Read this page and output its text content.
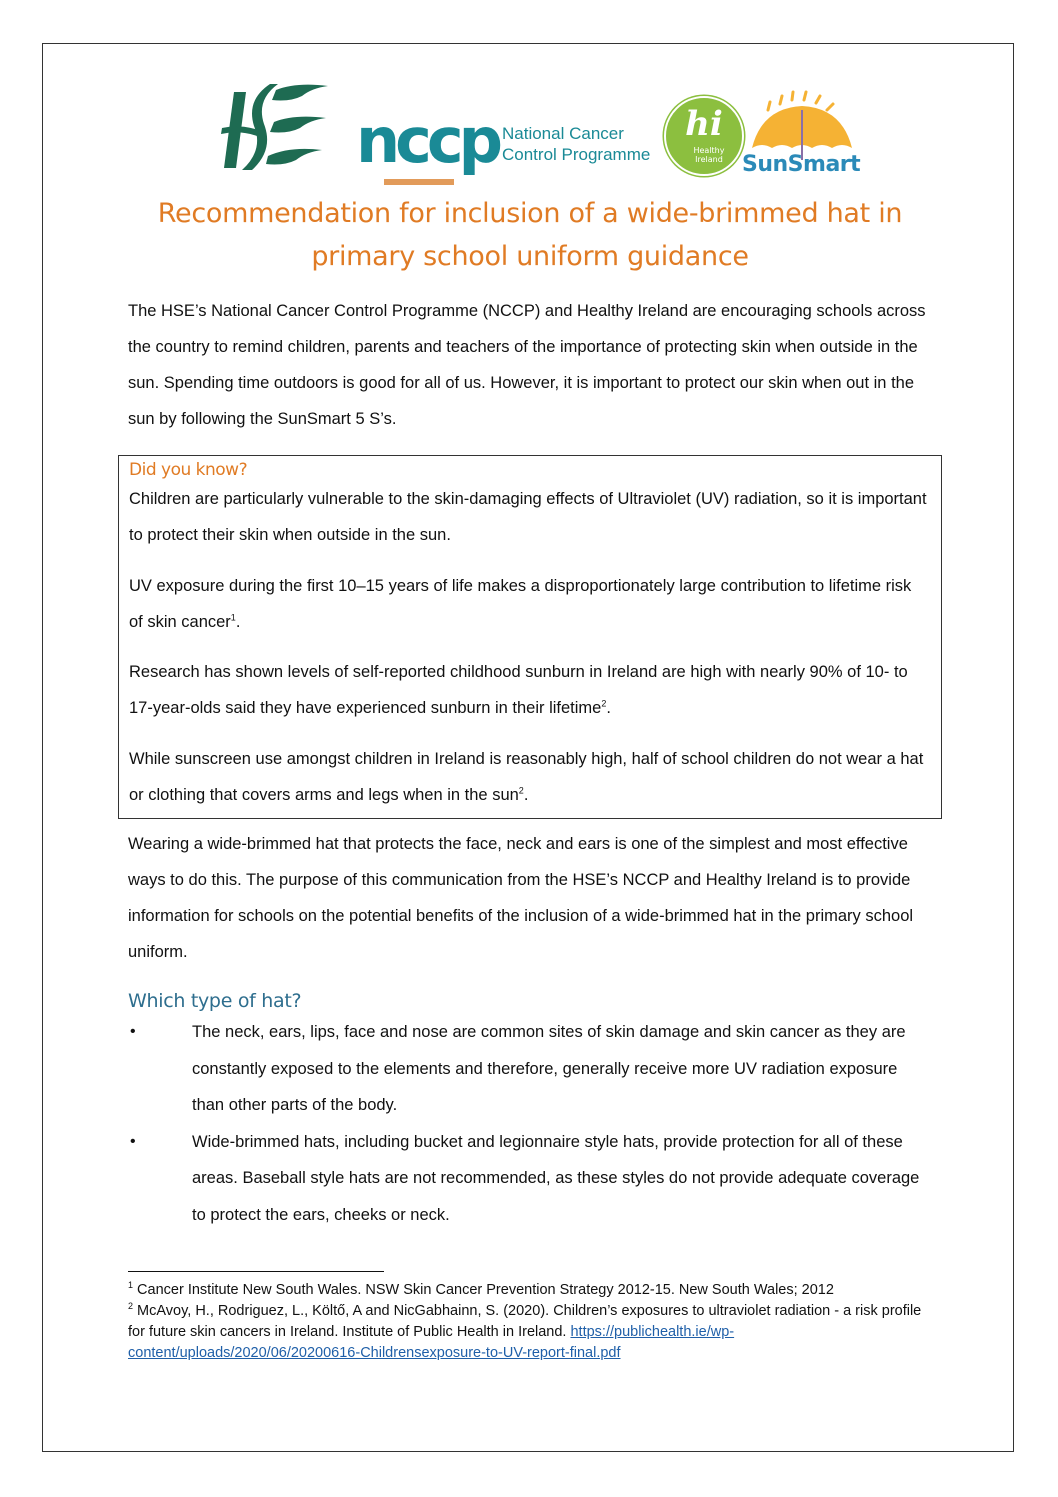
nccp National Cancer
Control Programme
hi
Healthy
Ireland SunSmart
Recommendation for inclusion of a wide-brimmed hat in
primary school uniform guidance

The HSE’s National Cancer Control Programme (NCCP) and Healthy Ireland are encouraging schools across the country to remind children, parents and teachers of the importance of protecting skin when outside in the sun. Spending time outdoors is good for all of us. However, it is important to protect our skin when out in the sun by following the SunSmart 5 S’s.

Did you know?
Children are particularly vulnerable to the skin-damaging effects of Ultraviolet (UV) radiation, so it is important to protect their skin when outside in the sun.
UV exposure during the first 10–15 years of life makes a disproportionately large contribution to lifetime risk of skin cancer$^1$.
Research has shown levels of self-reported childhood sunburn in Ireland are high with nearly 90% of 10- to 17-year-olds said they have experienced sunburn in their lifetime$^2$.
While sunscreen use amongst children in Ireland is reasonably high, half of school children do not wear a hat or clothing that covers arms and legs when in the sun$^2$.

Wearing a wide-brimmed hat that protects the face, neck and ears is one of the simplest and most effective ways to do this. The purpose of this communication from the HSE’s NCCP and Healthy Ireland is to provide information for schools on the potential benefits of the inclusion of a wide-brimmed hat in the primary school uniform.

Which type of hat?
•	The neck, ears, lips, face and nose are common sites of skin damage and skin cancer as they are constantly exposed to the elements and therefore, generally receive more UV radiation exposure than other parts of the body.
•	Wide-brimmed hats, including bucket and legionnaire style hats, provide protection for all of these areas. Baseball style hats are not recommended, as these styles do not provide adequate coverage to protect the ears, cheeks or neck.
$^1$ Cancer Institute New South Wales. NSW Skin Cancer Prevention Strategy 2012-15. New South Wales; 2012
$^2$ McAvoy, H., Rodriguez, L., Költő, A and NicGabhainn, S. (2020). Children’s exposures to ultraviolet radiation - a risk profile for future skin cancers in Ireland. Institute of Public Health in Ireland. https://publichealth.ie/wp-content/uploads/2020/06/20200616-Childrensexposure-to-UV-report-final.pdf
